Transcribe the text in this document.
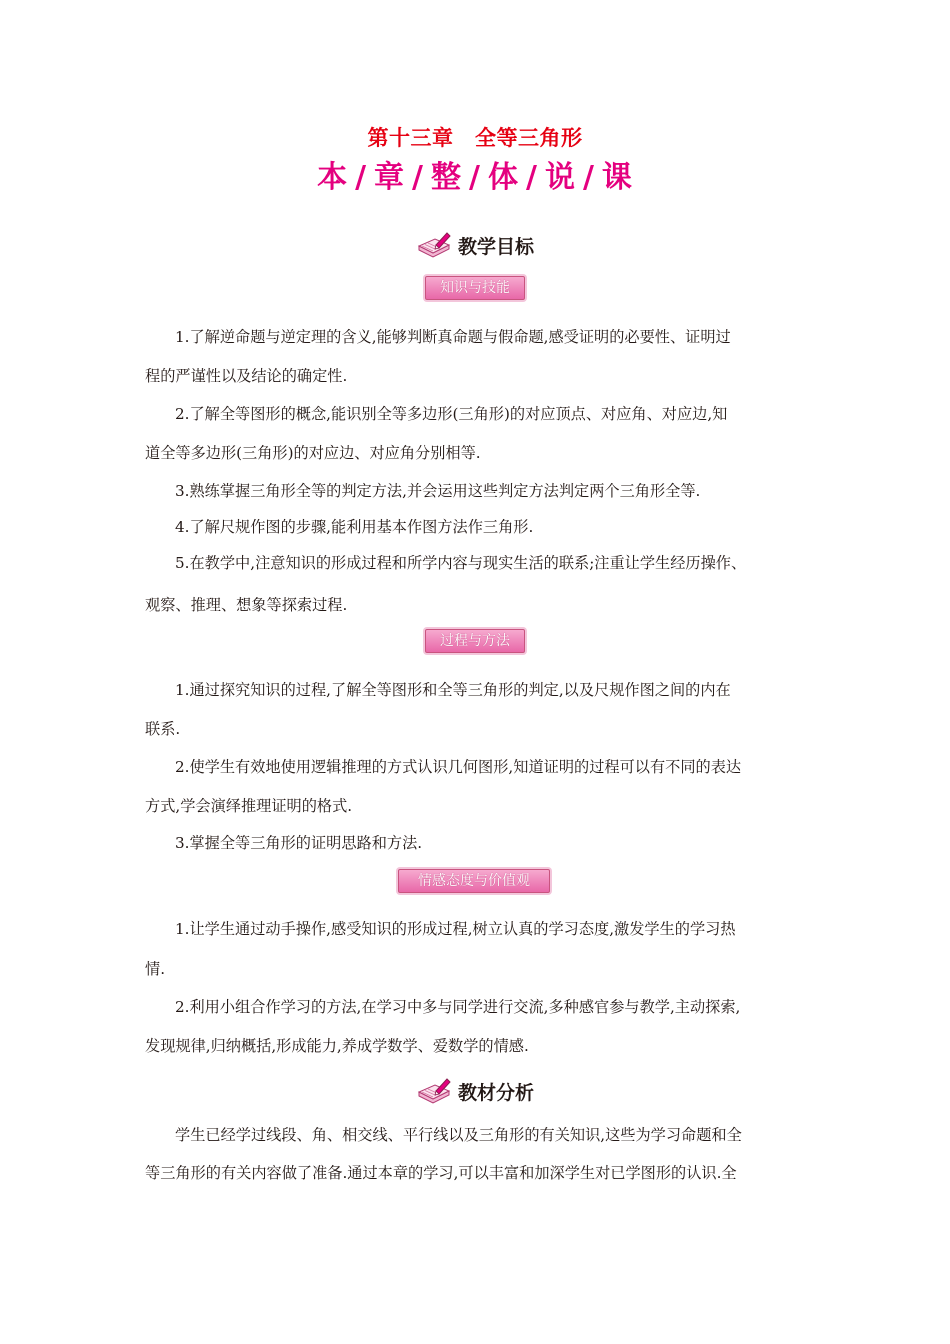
第十三章　全等三角形
本 / 章 / 整 / 体 / 说 / 课
教学目标
知识与技能
1.了解逆命题与逆定理的含义,能够判断真命题与假命题,感受证明的必要性、证明过
程的严谨性以及结论的确定性.
2.了解全等图形的概念,能识别全等多边形(三角形)的对应顶点、对应角、对应边,知
道全等多边形(三角形)的对应边、对应角分别相等.
3.熟练掌握三角形全等的判定方法,并会运用这些判定方法判定两个三角形全等.
4.了解尺规作图的步骤,能利用基本作图方法作三角形.
5.在教学中,注意知识的形成过程和所学内容与现实生活的联系;注重让学生经历操作、
观察、推理、想象等探索过程.
过程与方法
1.通过探究知识的过程,了解全等图形和全等三角形的判定,以及尺规作图之间的内在
联系.
2.使学生有效地使用逻辑推理的方式认识几何图形,知道证明的过程可以有不同的表达
方式,学会演绎推理证明的格式.
3.掌握全等三角形的证明思路和方法.
情感态度与价值观
1.让学生通过动手操作,感受知识的形成过程,树立认真的学习态度,激发学生的学习热
情.
2.利用小组合作学习的方法,在学习中多与同学进行交流,多种感官参与教学,主动探索,
发现规律,归纳概括,形成能力,养成学数学、爱数学的情感.
教材分析
学生已经学过线段、角、相交线、平行线以及三角形的有关知识,这些为学习命题和全
等三角形的有关内容做了准备.通过本章的学习,可以丰富和加深学生对已学图形的认识.全
